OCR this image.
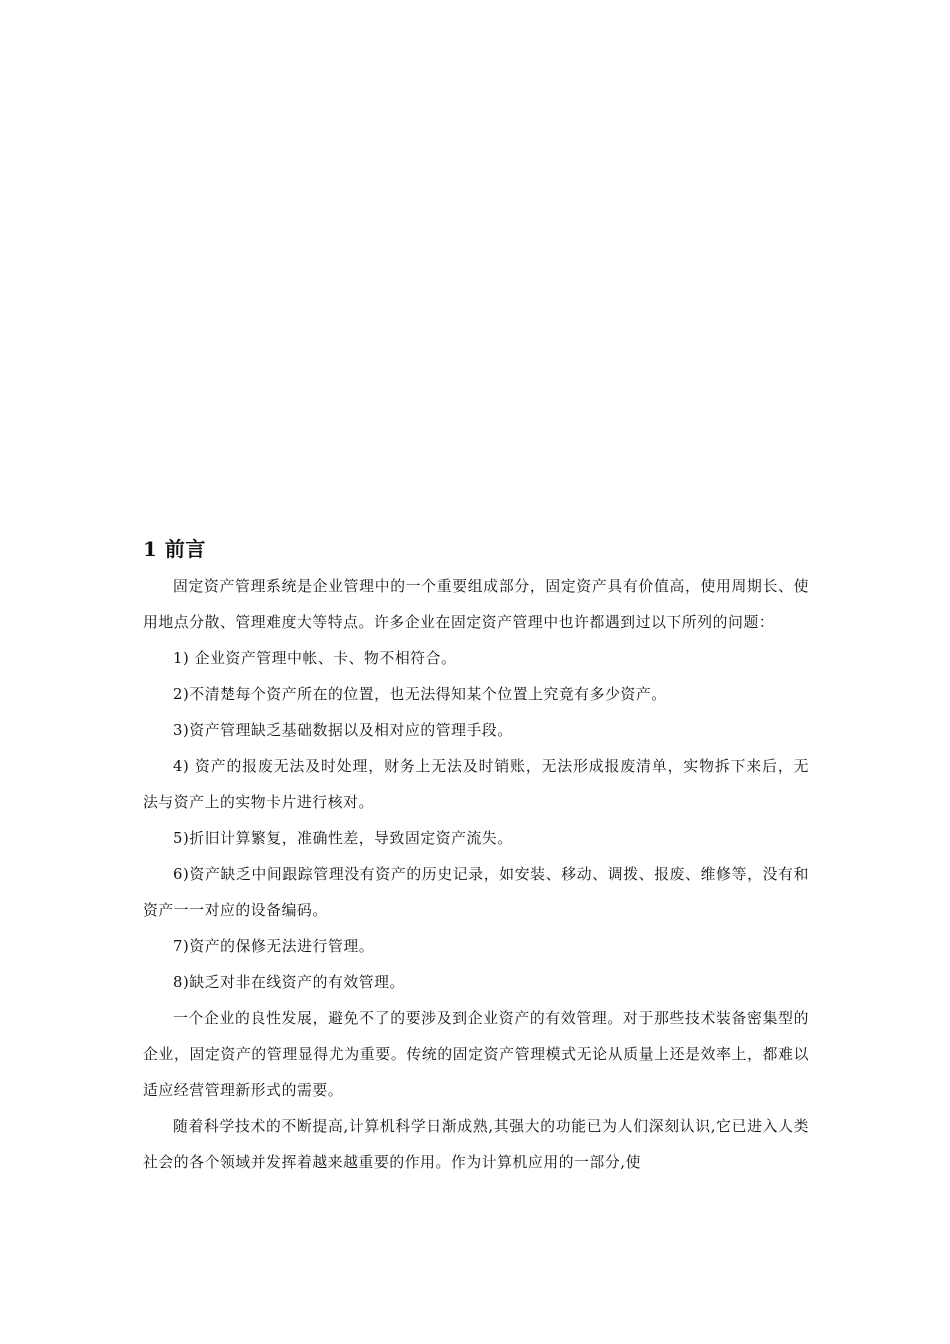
1 前言

固定资产管理系统是企业管理中的一个重要组成部分，固定资产具有价值高，使用周期长、使用地点分散、管理难度大等特点。许多企业在固定资产管理中也许都遇到过以下所列的问题：

1) 企业资产管理中帐、卡、物不相符合。

2)不清楚每个资产所在的位置，也无法得知某个位置上究竟有多少资产。

3)资产管理缺乏基础数据以及相对应的管理手段。

4) 资产的报废无法及时处理，财务上无法及时销账，无法形成报废清单，实物拆下来后，无法与资产上的实物卡片进行核对。

5)折旧计算繁复，准确性差，导致固定资产流失。

6)资产缺乏中间跟踪管理没有资产的历史记录，如安装、移动、调拨、报废、维修等，没有和资产一一对应的设备编码。

7)资产的保修无法进行管理。

8)缺乏对非在线资产的有效管理。

一个企业的良性发展，避免不了的要涉及到企业资产的有效管理。对于那些技术装备密集型的企业，固定资产的管理显得尤为重要。传统的固定资产管理模式无论从质量上还是效率上，都难以适应经营管理新形式的需要。

随着科学技术的不断提高,计算机科学日渐成熟,其强大的功能已为人们深刻认识,它已进入人类社会的各个领域并发挥着越来越重要的作用。作为计算机应用的一部分,使
